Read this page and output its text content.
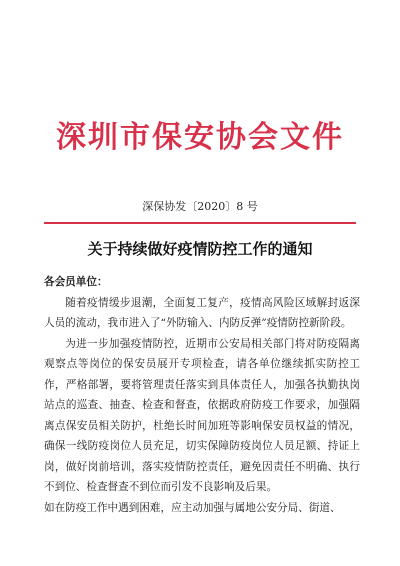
深圳市保安协会文件
深保协发〔2020〕8 号
关于持续做好疫情防控工作的通知

各会员单位：

随着疫情缓步退潮，全面复工复产，疫情高风险区域解封返深人员的流动，我市进入了“外防输入、内防反弹”疫情防控新阶段。

为进一步加强疫情防控，近期市公安局相关部门将对防疫隔离观察点等岗位的保安员展开专项检查，请各单位继续抓实防控工作，严格部署，要将管理责任落实到具体责任人，加强各执勤执岗站点的巡查、抽查、检查和督查，依据政府防疫工作要求，加强隔离点保安员相关防护，杜绝长时间加班等影响保安员权益的情况，确保一线防疫岗位人员充足，切实保障防疫岗位人员足额、持证上岗，做好岗前培训，落实疫情防控责任，避免因责任不明确、执行不到位、检查督查不到位而引发不良影响及后果。

如在防疫工作中遇到困难，应主动加强与属地公安分局、街道、
